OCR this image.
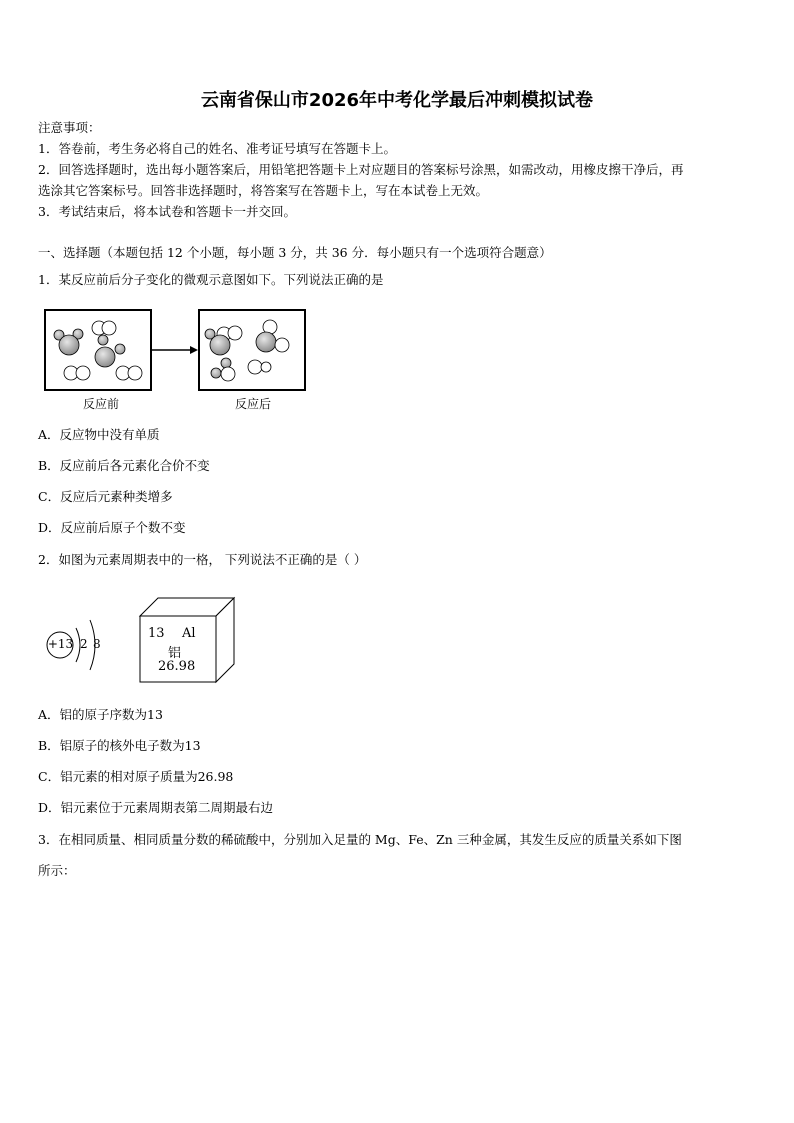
云南省保山市2026年中考化学最后冲刺模拟试卷
注意事项：
1．答卷前，考生务必将自己的姓名、准考证号填写在答题卡上。
2．回答选择题时，选出每小题答案后，用铅笔把答题卡上对应题目的答案标号涂黑，如需改动，用橡皮擦干净后，再
选涂其它答案标号。回答非选择题时，将答案写在答题卡上，写在本试卷上无效。
3．考试结束后，将本试卷和答题卡一并交回。
一、选择题（本题包括 12 个小题，每小题 3 分，共 36 分．每小题只有一个选项符合题意）
1．某反应前后分子变化的微观示意图如下。下列说法正确的是
反应前	反应后
A．反应物中没有单质
B．反应前后各元素化合价不变
C．反应后元素种类增多
D．反应前后原子个数不变
2．如图为元素周期表中的一格， 下列说法不正确的是（ ）
+13 2 8
13 Al
铝
26.98
A．铝的原子序数为13
B．铝原子的核外电子数为13
C．铝元素的相对原子质量为26.98
D．铝元素位于元素周期表第二周期最右边
3．在相同质量、相同质量分数的稀硫酸中，分别加入足量的 Mg、Fe、Zn 三种金属，其发生反应的质量关系如下图
所示：
